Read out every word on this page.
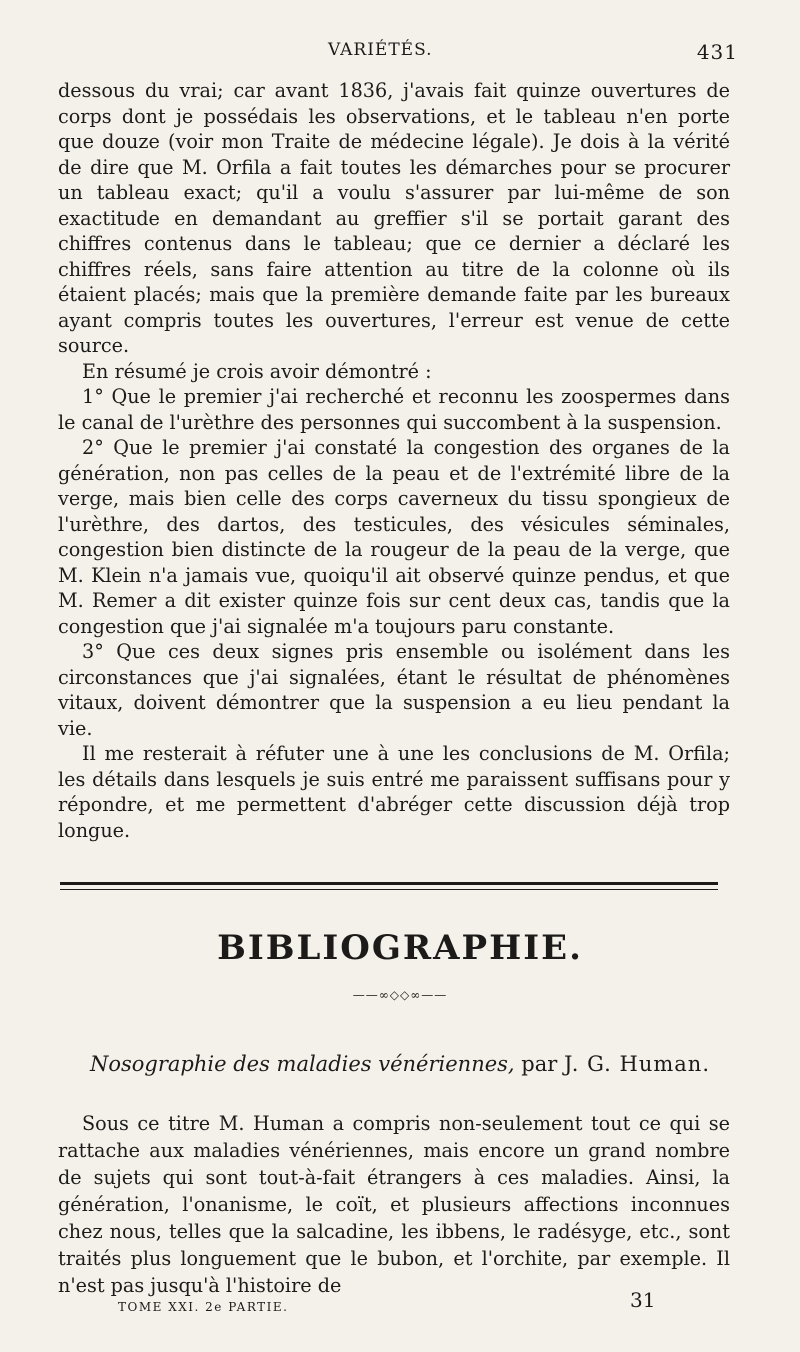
VARIÉTÉS.	431

dessous du vrai; car avant 1836, j'avais fait quinze ouvertures de corps dont je possédais les observations, et le tableau n'en porte que douze (voir mon Traite de médecine légale). Je dois à la vérité de dire que M. Orfila a fait toutes les démarches pour se procurer un tableau exact; qu'il a voulu s'assurer par lui-même de son exactitude en demandant au greffier s'il se portait garant des chiffres contenus dans le tableau; que ce dernier a déclaré les chiffres réels, sans faire attention au titre de la colonne où ils étaient placés; mais que la première demande faite par les bureaux ayant compris toutes les ouvertures, l'erreur est venue de cette source.

En résumé je crois avoir démontré :

1° Que le premier j'ai recherché et reconnu les zoospermes dans le canal de l'urèthre des personnes qui succombent à la suspension.

2° Que le premier j'ai constaté la congestion des organes de la génération, non pas celles de la peau et de l'extrémité libre de la verge, mais bien celle des corps caverneux du tissu spongieux de l'urèthre, des dartos, des testicules, des vésicules séminales, congestion bien distincte de la rougeur de la peau de la verge, que M. Klein n'a jamais vue, quoiqu'il ait observé quinze pendus, et que M. Remer a dit exister quinze fois sur cent deux cas, tandis que la congestion que j'ai signalée m'a toujours paru constante.

3° Que ces deux signes pris ensemble ou isolément dans les circonstances que j'ai signalées, étant le résultat de phénomènes vitaux, doivent démontrer que la suspension a eu lieu pendant la vie.

Il me resterait à réfuter une à une les conclusions de M. Orfila; les détails dans lesquels je suis entré me paraissent suffisans pour y répondre, et me permettent d'abréger cette discussion déjà trop longue.

BIBLIOGRAPHIE.
——∞◇◇∞——
Nosographie des maladies vénériennes, par J. G. Human.

Sous ce titre M. Human a compris non-seulement tout ce qui se rattache aux maladies vénériennes, mais encore un grand nombre de sujets qui sont tout-à-fait étrangers à ces maladies. Ainsi, la génération, l'onanisme, le coït, et plusieurs affections inconnues chez nous, telles que la salcadine, les ibbens, le radésyge, etc., sont traités plus longuement que le bubon, et l'orchite, par exemple. Il n'est pas jusqu'à l'histoire de

TOME XXI. 2e PARTIE.	31
